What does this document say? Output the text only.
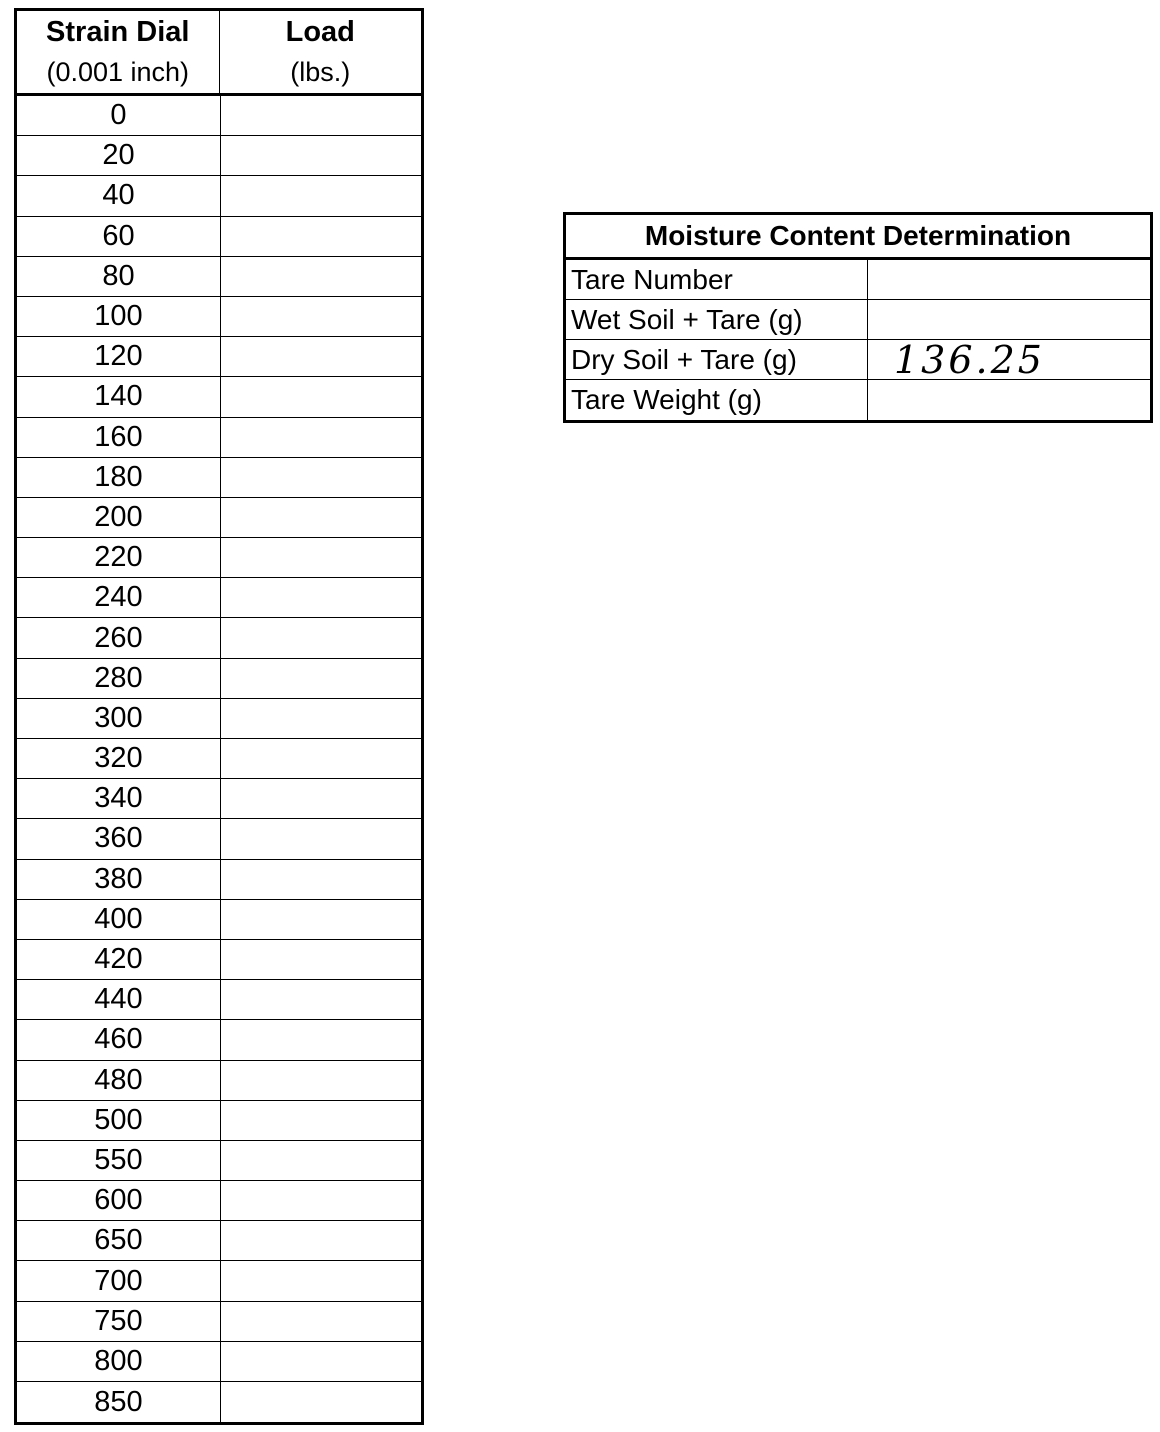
Strain Dial
(0.001 inch)
Load
(lbs.)
0
20
40
60
80
100
120
140
160
180
200
220
240
260
280
300
320
340
360
380
400
420
440
460
480
500
550
600
650
700
750
800
850
Moisture Content Determination
Tare Number
Wet Soil + Tare (g)
Dry Soil + Tare (g)	136.25
Tare Weight (g)
